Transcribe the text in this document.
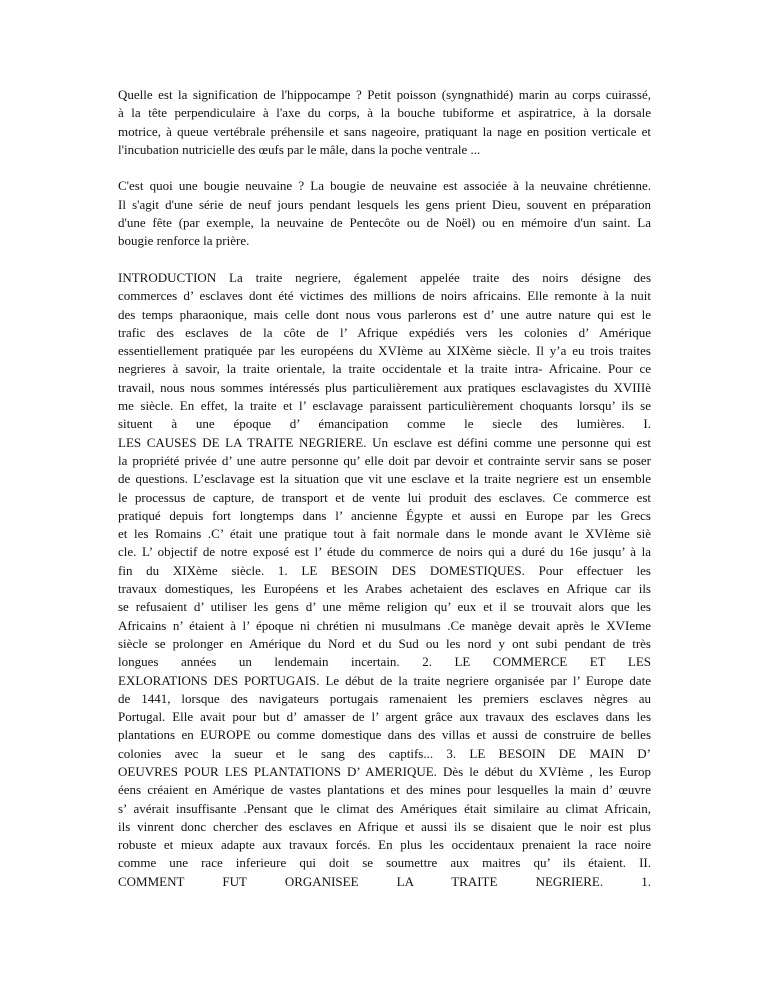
Quelle est la signification de l'hippocampe ? Petit poisson (syngnathidé) marin au corps cuirassé,
à la tête perpendiculaire à l'axe du corps, à la bouche tubiforme et aspiratrice, à la dorsale
motrice, à queue vertébrale préhensile et sans nageoire, pratiquant la nage en position verticale et
l'incubation nutricielle des œufs par le mâle, dans la poche ventrale ...
C'est quoi une bougie neuvaine ? La bougie de neuvaine est associée à la neuvaine chrétienne.
Il s'agit d'une série de neuf jours pendant lesquels les gens prient Dieu, souvent en préparation
d'une fête (par exemple, la neuvaine de Pentecôte ou de Noël) ou en mémoire d'un saint. La
bougie renforce la prière.
INTRODUCTION La traite negriere, également appelée traite des noirs désigne des
commerces d’ esclaves dont été victimes des millions de noirs africains. Elle remonte à la nuit
des temps pharaonique, mais celle dont nous vous parlerons est d’ une autre nature qui est le
trafic des esclaves de la côte de l’ Afrique expédiés vers les colonies d’ Amérique
essentiellement pratiquée par les européens du XVIème au XIXème siècle. Il y’a eu trois traites
negrieres à savoir, la traite orientale, la traite occidentale et la traite intra- Africaine. Pour ce
travail, nous nous sommes intéressés plus particulièrement aux pratiques esclavagistes du XVIIIè
me siècle. En effet, la traite et l’ esclavage paraissent particulièrement choquants lorsqu’ ils se
situent à une époque d’ émancipation comme le siecle des lumières. I.
LES CAUSES DE LA TRAITE NEGRIERE. Un esclave est défini comme une personne qui est
la propriété privée d’ une autre personne qu’ elle doit par devoir et contrainte servir sans se poser
de questions. L’esclavage est la situation que vit une esclave et la traite negriere est un ensemble
le processus de capture, de transport et de vente lui produit des esclaves. Ce commerce est
pratiqué depuis fort longtemps dans l’ ancienne Égypte et aussi en Europe par les Grecs
et les Romains .C’ était une pratique tout à fait normale dans le monde avant le XVIème siè
cle. L’ objectif de notre exposé est l’ étude du commerce de noirs qui a duré du 16e jusqu’ à la
fin du XIXème siècle. 1. LE BESOIN DES DOMESTIQUES. Pour effectuer les
travaux domestiques, les Européens et les Arabes achetaient des esclaves en Afrique car ils
se refusaient d’ utiliser les gens d’ une même religion qu’ eux et il se trouvait alors que les
Africains n’ étaient à l’ époque ni chrétien ni musulmans .Ce manège devait après le XVIeme
siècle se prolonger en Amérique du Nord et du Sud ou les nord y ont subi pendant de très
longues années un lendemain incertain. 2. LE COMMERCE ET LES
EXLORATIONS DES PORTUGAIS. Le début de la traite negriere organisée par l’ Europe date
de 1441, lorsque des navigateurs portugais ramenaient les premiers esclaves nègres au
Portugal. Elle avait pour but d’ amasser de l’ argent grâce aux travaux des esclaves dans les
plantations en EUROPE ou comme domestique dans des villas et aussi de construire de belles
colonies avec la sueur et le sang des captifs... 3. LE BESOIN DE MAIN D’
OEUVRES POUR LES PLANTATIONS D’ AMERIQUE. Dès le début du XVIème , les Europ
éens créaient en Amérique de vastes plantations et des mines pour lesquelles la main d’ œuvre
s’ avérait insuffisante .Pensant que le climat des Amériques était similaire au climat Africain,
ils vinrent donc chercher des esclaves en Afrique et aussi ils se disaient que le noir est plus
robuste et mieux adapte aux travaux forcés. En plus les occidentaux prenaient la race noire
comme une race inferieure qui doit se soumettre aux maitres qu’ ils étaient. II.
COMMENT FUT ORGANISEE LA TRAITE NEGRIERE. 1.
